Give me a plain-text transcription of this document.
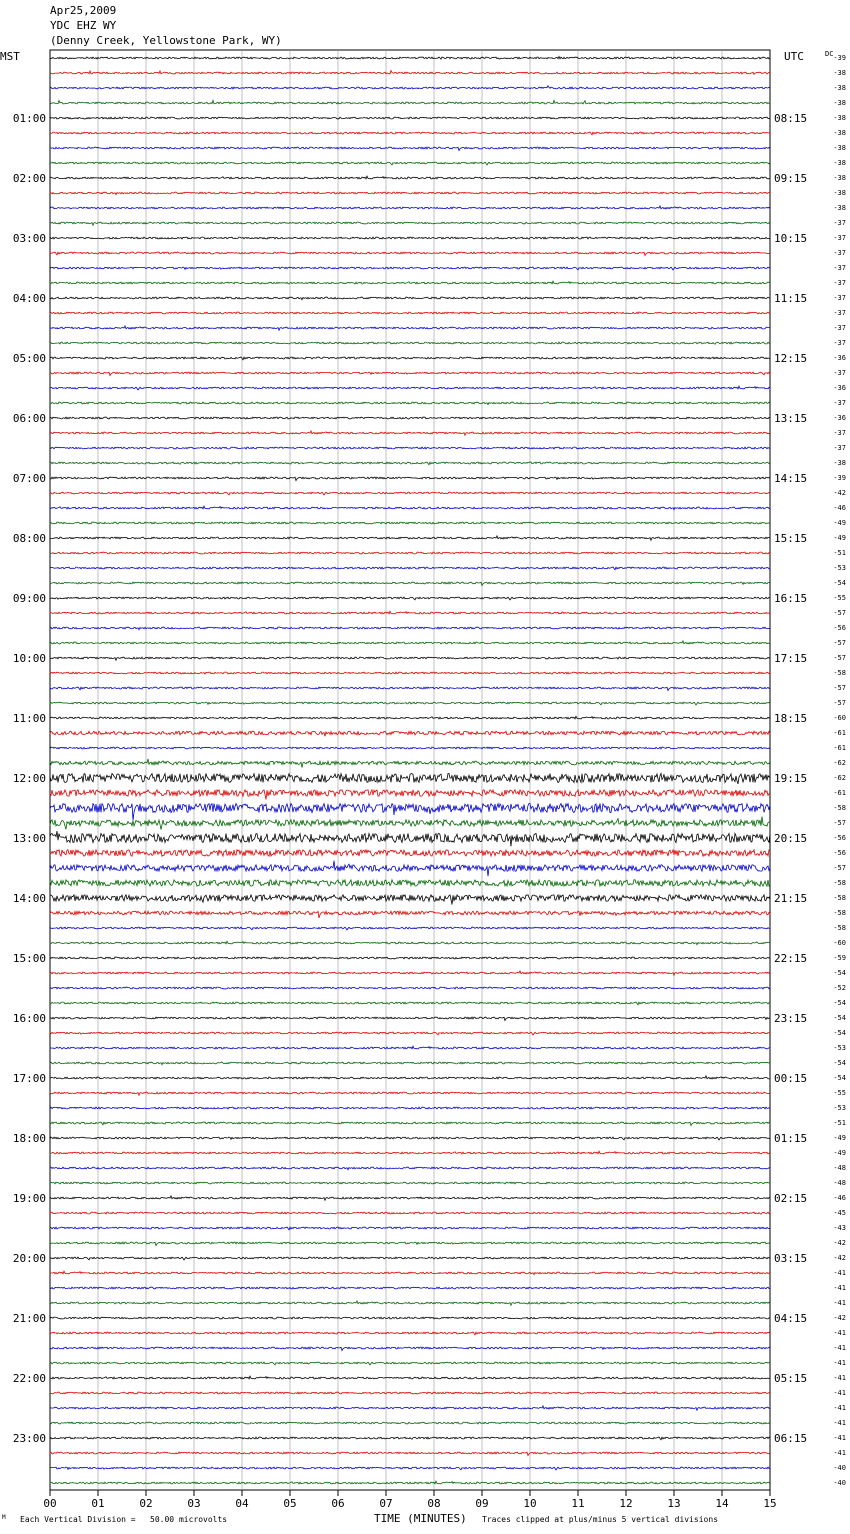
Apr25,2009
YDC EHZ WY
(Denny Creek, Yellowstone Park, WY)
MST	UTC	DC
01:00	08:15
02:00	09:15
03:00	10:15
04:00	11:15
05:00	12:15
06:00	13:15
07:00	14:15
08:00	15:15
09:00	16:15
10:00	17:15
11:00	18:15
12:00	19:15
13:00	20:15
14:00	21:15
15:00	22:15
16:00	23:15
17:00	00:15
18:00	01:15
19:00	02:15
20:00	03:15
21:00	04:15
22:00	05:15
23:00	06:15
-39
-38
-38
-38
-38
-38
-38
-38
-38
-38
-38
-37
-37
-37
-37
-37
-37
-37
-37
-37
-36
-37
-36
-37
-36
-37
-37
-38
-39
-42
-46
-49
-49
-51
-53
-54
-55
-57
-56
-57
-57
-58
-57
-57
-60
-61
-61
-62
-62
-61
-58
-57
-56
-56
-57
-58
-58
-58
-58
-60
-59
-54
-52
-54
-54
-54
-53
-54
-54
-55
-53
-51
-49
-49
-48
-48
-46
-45
-43
-42
-42
-41
-41
-41
-42
-41
-41
-41
-41
-41
-41
-41
-41
-41
-40
-40
00	01	02	03	04	05	06	07	08	09	10	11	12	13	14	15
TIME (MINUTES)
M Each Vertical Division =   50.00 microvolts	Traces clipped at plus/minus 5 vertical divisions
